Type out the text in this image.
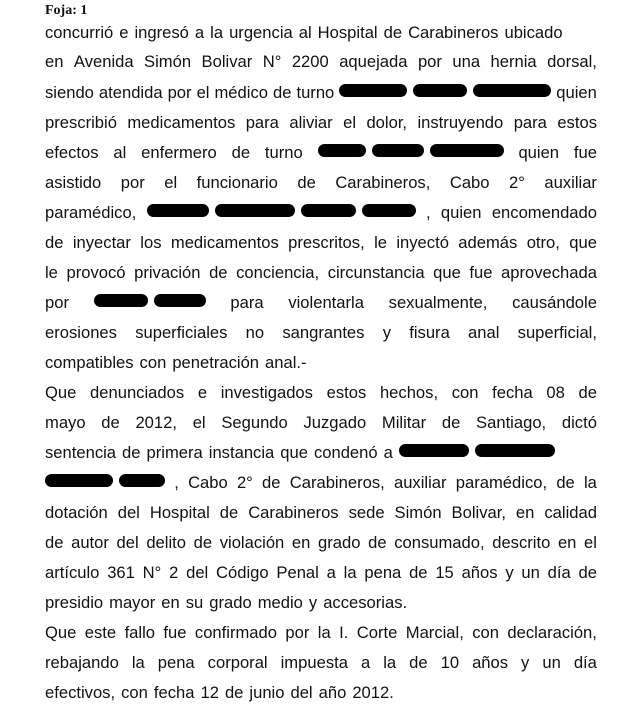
Foja: 1
concurrió e ingresó a la urgencia al Hospital de Carabineros ubicado
en Avenida Simón Bolivar N° 2200 aquejada por una hernia dorsal,
siendo atendida por el médico de turno	quien
prescribió medicamentos para aliviar el dolor, instruyendo para estos
efectos al enfermero de turno	quien fue
asistido por el funcionario de Carabineros, Cabo 2° auxiliar
paramédico,	, quien encomendado
de inyectar los medicamentos prescritos, le inyectó además otro, que
le provocó privación de conciencia, circunstancia que fue aprovechada
por	para violentarla sexualmente, causándole
erosiones superficiales no sangrantes y fisura anal superficial,
compatibles con penetración anal.-
Que denunciados e investigados estos hechos, con fecha 08 de
mayo de 2012, el Segundo Juzgado Militar de Santiago, dictó
sentencia de primera instancia que condenó a
, Cabo 2° de Carabineros, auxiliar paramédico, de la
dotación del Hospital de Carabineros sede Simón Bolivar, en calidad
de autor del delito de violación en grado de consumado, descrito en el
artículo 361 N° 2 del Código Penal a la pena de 15 años y un día de
presidio mayor en su grado medio y accesorias.
Que este fallo fue confirmado por la I. Corte Marcial, con declaración,
rebajando la pena corporal impuesta a la de 10 años y un día
efectivos, con fecha 12 de junio del año 2012.
